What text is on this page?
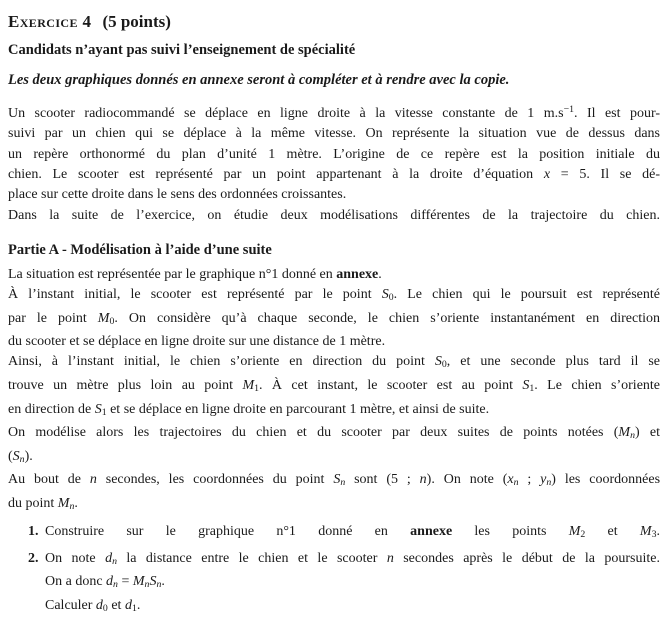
Exercice 4 (5 points)
Candidats n’ayant pas suivi l’enseignement de spécialité
Les deux graphiques donnés en annexe seront à compléter et à rendre avec la copie.
Un scooter radiocommandé se déplace en ligne droite à la vitesse constante de 1 $m.s^{-1}$. Il est pour-
suivi par un chien qui se déplace à la même vitesse. On représente la situation vue de dessus dans
un repère orthonormé du plan d’unité 1 mètre. L’origine de ce repère est la position initiale du
chien. Le scooter est représenté par un point appartenant à la droite d’équation x = 5. Il se dé-
place sur cette droite dans le sens des ordonnées croissantes.
Dans la suite de l’exercice, on étudie deux modélisations différentes de la trajectoire du chien.
Partie A - Modélisation à l’aide d’une suite
La situation est représentée par le graphique n°1 donné en annexe.
À l’instant initial, le scooter est représenté par le point S0. Le chien qui le poursuit est représenté
par le point M0. On considère qu’à chaque seconde, le chien s’oriente instantanément en direction
du scooter et se déplace en ligne droite sur une distance de 1 mètre.
Ainsi, à l’instant initial, le chien s’oriente en direction du point S0, et une seconde plus tard il se
trouve un mètre plus loin au point M1. À cet instant, le scooter est au point S1. Le chien s’oriente
en direction de S1 et se déplace en ligne droite en parcourant 1 mètre, et ainsi de suite.
On modélise alors les trajectoires du chien et du scooter par deux suites de points notées (Mn) et
(Sn).
Au bout de n secondes, les coordonnées du point Sn sont (5 ; n). On note (xn ; yn) les coordonnées
du point Mn.
1. Construire sur le graphique n°1 donné en annexe les points M2 et M3.
2. On note dn la distance entre le chien et le scooter n secondes après le début de la poursuite.
On a donc dn = MnSn.
Calculer d0 et d1.
